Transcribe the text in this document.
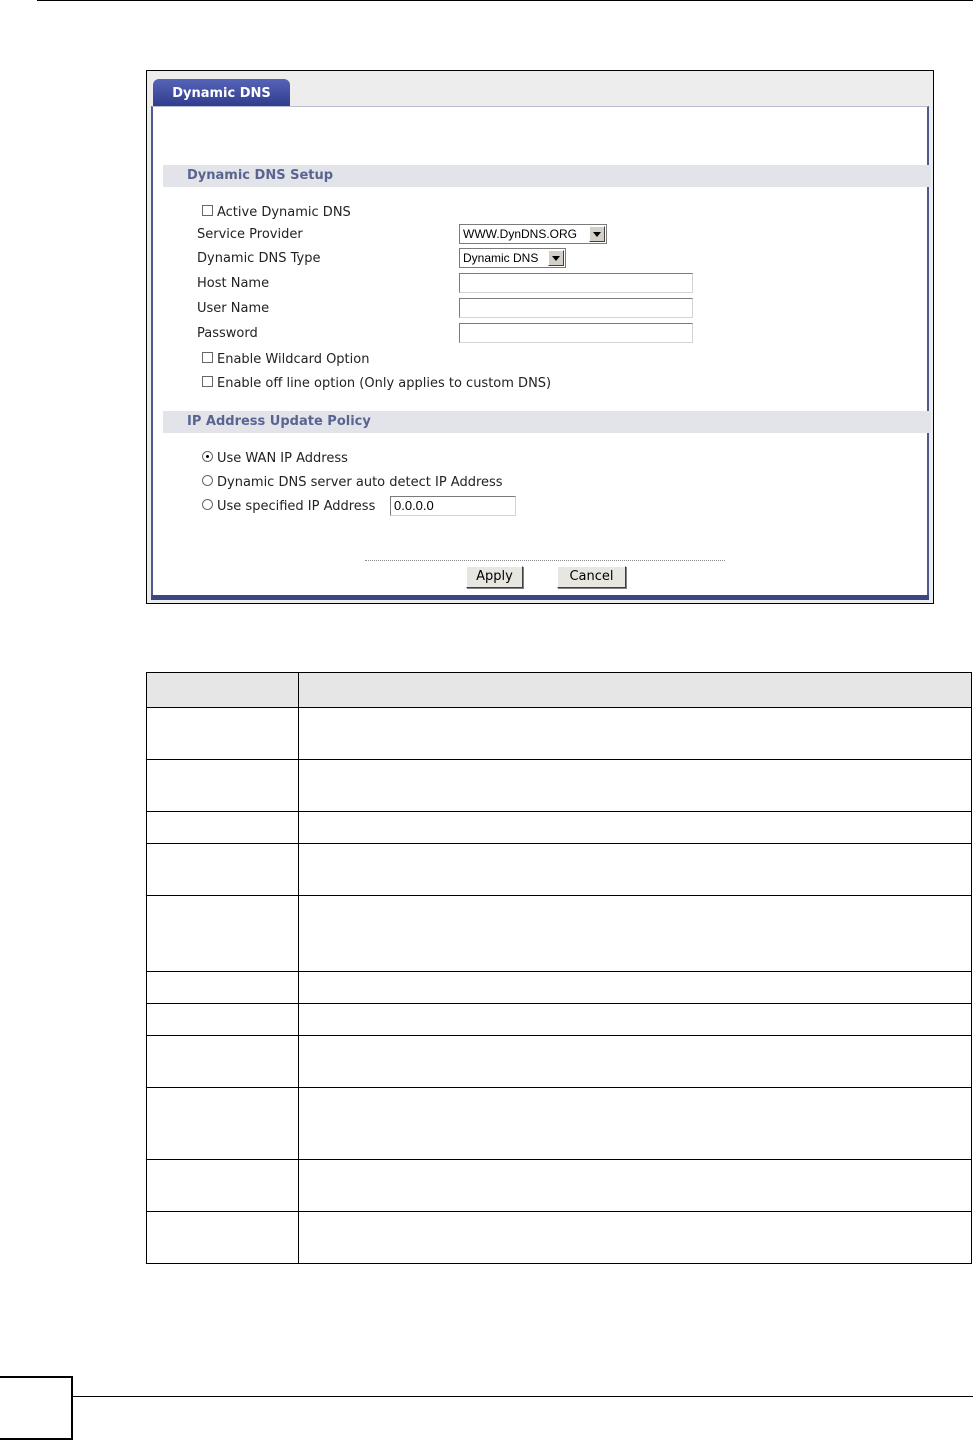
Dynamic DNS
Dynamic DNS Setup
Active Dynamic DNS
Service Provider	WWW.DynDNS.ORG
Dynamic DNS Type	Dynamic DNS
Host Name
User Name
Password
Enable Wildcard Option
Enable off line option (Only applies to custom DNS)
IP Address Update Policy
Use WAN IP Address
Dynamic DNS server auto detect IP Address
Use specified IP Address	0.0.0.0
Apply	Cancel
